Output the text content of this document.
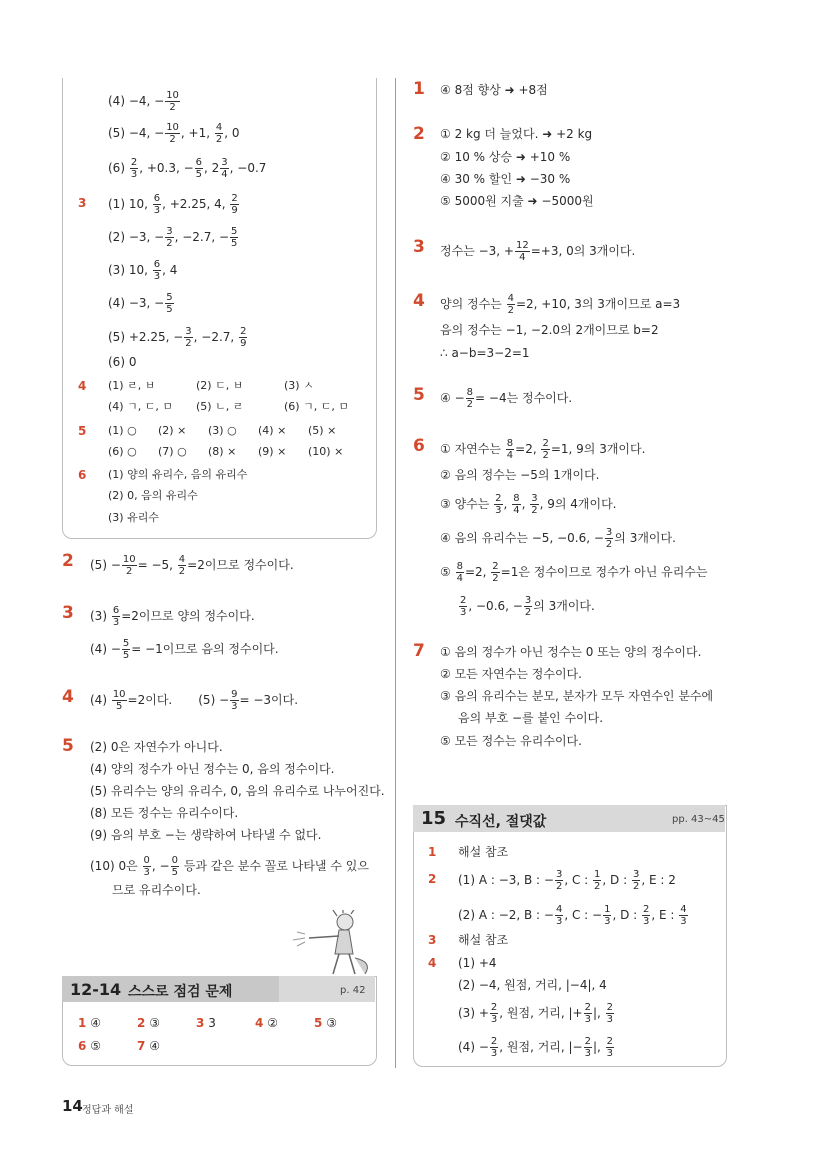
(4) −4, − $\frac{10}{2}$
(5) −4, − $\frac{10}{2}$ , +1, $\frac{4}{2}$ , 0
$(6) \frac{2}{3}$ , +0.3, − $\frac{6}{5}$ , $2 \frac{3}{4}$ , −0.7
3 (1) 10, $\frac{6}{3}$ , +2.25, 4, $\frac{2}{9}$
(2) −3, − $\frac{3}{2}$ , −2.7, − $\frac{5}{5}$
(3) 10, $\frac{6}{3}$ , 4
(4) −3, − $\frac{5}{5}$
(5) +2.25, − $\frac{3}{2}$ , −2.7, $\frac{2}{9}$
(6) 0
4 (1) ㄹ, ㅂ	(2) ㄷ, ㅂ	(3) ㅅ
(4) ㄱ, ㄷ, ㅁ (5) ㄴ, ㄹ	(6) ㄱ, ㄷ, ㅁ
5 (1) ○ (2) × (3) ○ (4) × (5) ×
(6) ○ (7) ○ (8) × (9) × (10) ×
6 (1) 양의 유리수, 음의 유리수
(2) 0, 음의 유리수
(3) 유리수
2 $(5) - \frac{10}{2} = -5$, $\frac{4}{2} =2$이므로 정수이다.
3 $(3) \frac{6}{3} =2$이므로 양의 정수이다.
$(4) - \frac{5}{5} = -1$이므로 음의 정수이다.
4 $(4) \frac{10}{5} =2$이다. $(5) - \frac{9}{3} = -3$이다.
5 (2) 0은 자연수가 아니다.
(4) 양의 정수가 아닌 정수는 0, 음의 정수이다.
(5) 유리수는 양의 유리수, 0, 음의 유리수로 나누어진다.
(8) 모든 정수는 유리수이다.
(9) 음의 부호 −는 생략하여 나타낼 수 없다.
(10) 0은 $\frac{0}{3}$ , − $\frac{0}{5}$ 등과 같은 분수 꼴로 나타낼 수 있으
므로 유리수이다.
12-14 스스로 점검 문제	p. 42
1 ④	2 ③	3 3	4 ②	5 ③
6 ⑤	7 ④
1 ④ 8점 향상 ➜ +8점
2 ① 2 kg 더 늘었다. ➜ +2 kg
② 10 % 상승 ➜ +10 %
④ 30 % 할인 ➜ −30 %
⑤ 5000원 지출 ➜ −5000원
3 정수는 −3, + $\frac{12}{4} =+3$, 0의 3개이다.
4 양의 정수는 $\frac{4}{2} =2$, +10, 3의 3개이므로 a=3
음의 정수는 −1, −2.0의 2개이므로 b=2
∴ a−b=3−2=1
5 ④ − $\frac{8}{2} = -4$는 정수이다.
6 ① 자연수는 $\frac{8}{4} =2$, $\frac{2}{2} =1$, 9의 3개이다.
② 음의 정수는 −5의 1개이다.
③ 양수는 $\frac{2}{3}$ , $\frac{8}{4}$ , $\frac{3}{2}$ , 9의 4개이다.
④ 음의 유리수는 −5, −0.6, − $\frac{3}{2}$ 의 3개이다.
⑤ $\frac{8}{4} =2$, $\frac{2}{2} =1$은 정수이므로 정수가 아닌 유리수는
$\frac{2}{3}$ , −0.6, − $\frac{3}{2}$ 의 3개이다.
7 ① 음의 정수가 아닌 정수는 0 또는 양의 정수이다.
② 모든 자연수는 정수이다.
③ 음의 유리수는 분모, 분자가 모두 자연수인 분수에
음의 부호 −를 붙인 수이다.
⑤ 모든 정수는 유리수이다.
15 수직선, 절댓값	pp. 43~45
1 해설 참조
2 (1) A : −3, B : − $\frac{3}{2}$ , C : $\frac{1}{2}$ , D : $\frac{3}{2}$ , E : 2
(2) A : −2, B : − $\frac{4}{3}$ , C : − $\frac{1}{3}$ , D : $\frac{2}{3}$ , E : $\frac{4}{3}$
3 해설 참조
4 (1) +4
(2) −4, 원점, 거리, |−4|, 4
$(3) + \frac{2}{3}$ , 원점, 거리, |+ $\frac{2}{3}$ |, $\frac{2}{3}$
$(4) - \frac{2}{3}$ , 원점, 거리, |− $\frac{2}{3}$ |, $\frac{2}{3}$
14 정답과 해설
